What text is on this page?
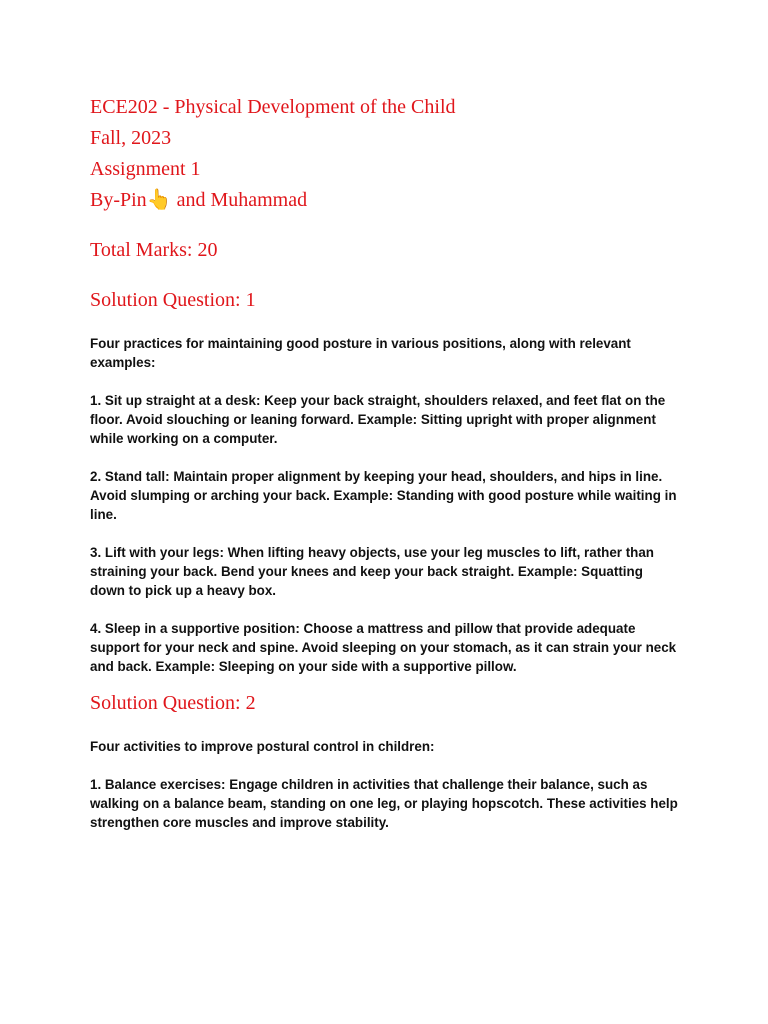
ECE202 - Physical Development of the Child

Fall, 2023

Assignment 1

By-Pin👆 and Muhammad

Total Marks: 20

Solution Question: 1

Four practices for maintaining good posture in various positions, along with relevant examples:

1. Sit up straight at a desk: Keep your back straight, shoulders relaxed, and feet flat on the floor. Avoid slouching or leaning forward. Example: Sitting upright with proper alignment while working on a computer.

2. Stand tall: Maintain proper alignment by keeping your head, shoulders, and hips in line. Avoid slumping or arching your back. Example: Standing with good posture while waiting in line.

3. Lift with your legs: When lifting heavy objects, use your leg muscles to lift, rather than straining your back. Bend your knees and keep your back straight. Example: Squatting down to pick up a heavy box.

4. Sleep in a supportive position: Choose a mattress and pillow that provide adequate support for your neck and spine. Avoid sleeping on your stomach, as it can strain your neck and back. Example: Sleeping on your side with a supportive pillow.

Solution Question: 2

Four activities to improve postural control in children:

1. Balance exercises: Engage children in activities that challenge their balance, such as walking on a balance beam, standing on one leg, or playing hopscotch. These activities help strengthen core muscles and improve stability.
